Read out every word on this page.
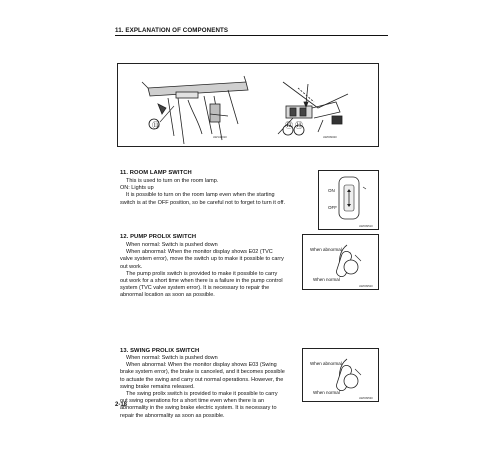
11. EXPLANATION OF COMPONENTS
⑪	⑫⑬
AW146010	AW009020
11. ROOM LAMP SWITCH

This is used to turn on the room lamp.

ON: Lights up

It is possible to turn on the room lamp even when the starting

switch is at the OFF position, so be careful not to forget to turn it off.

ON
OFF
AW009510
12. PUMP PROLIX SWITCH

When normal: Switch is pushed down

When abnormal: When the monitor display shows E02 (TVC

valve system error), move the switch up to make it possible to carry

out work.

The pump prolix switch is provided to make it possible to carry

out work for a short time when there is a failure in the pump control

system (TVC valve system error). It is necessary to repair the

abnormal location as soon as possible.

When abnormal
When normal
AW009520
13. SWING PROLIX SWITCH

When normal: Switch is pushed down

When abnormal: When the monitor display shows E03 (Swing

brake system error), the brake is canceled, and it becomes possible

to actuate the swing and carry out normal operations. However, the

swing brake remains released.

The swing prolix switch is provided to make it possible to carry

out swing operations for a short time even when there is an

abnormality in the swing brake electric system. It is necessary to

repair the abnormality as soon as possible.

When abnormal
When normal
AW009530
2-18
